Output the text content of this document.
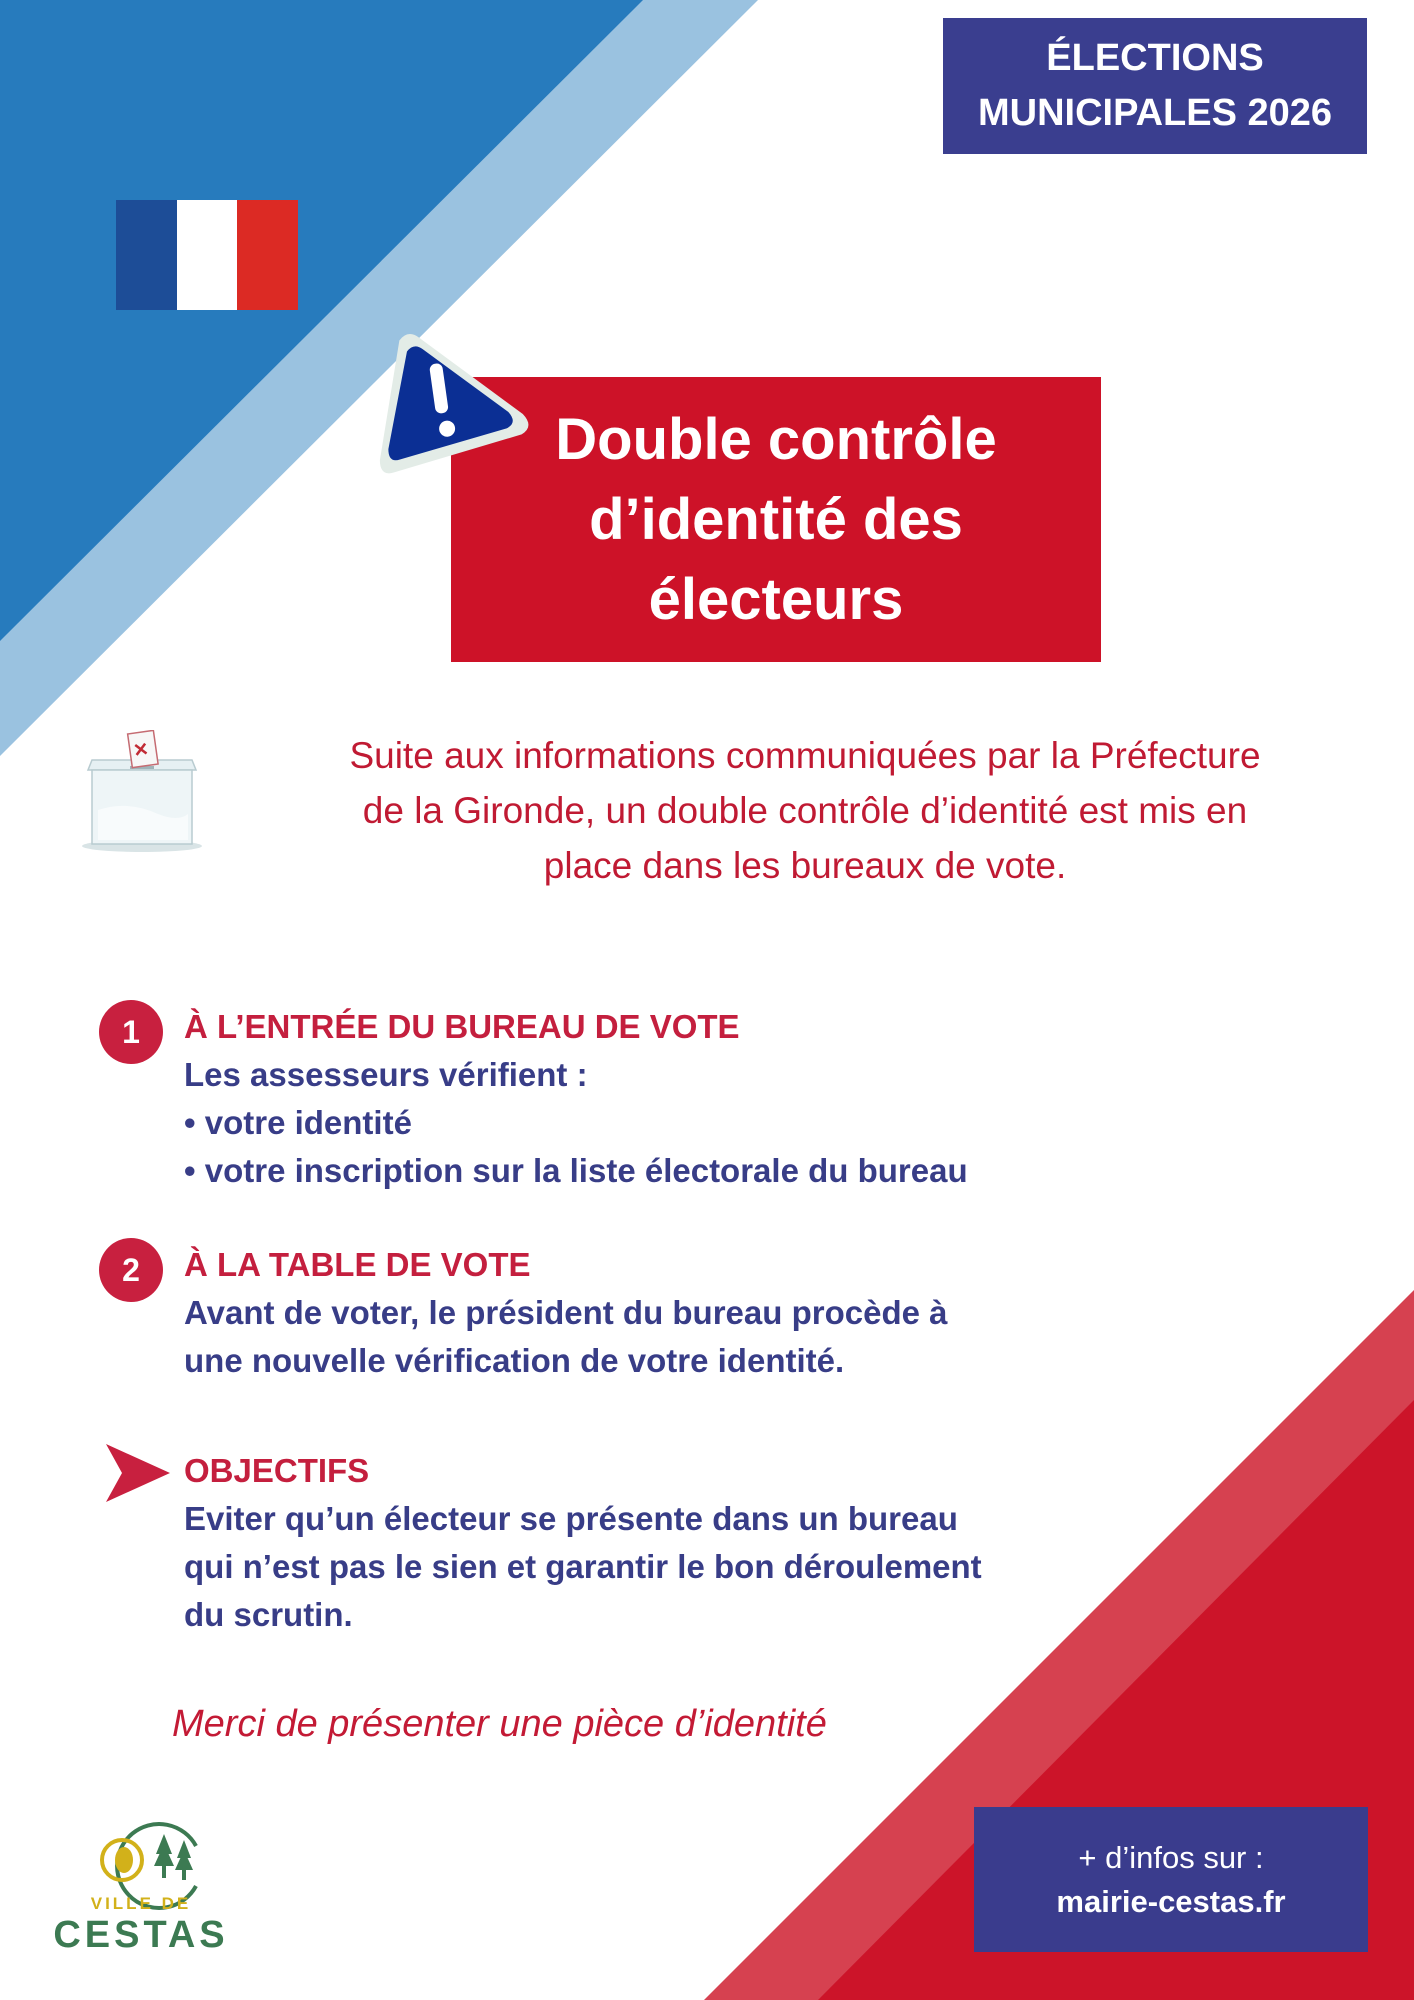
ÉLECTIONS
MUNICIPALES 2026
Double contrôle
d’identité des
électeurs
Suite aux informations communiquées par la Préfecture
de la Gironde, un double contrôle d’identité est mis en
place dans les bureaux de vote.
1	À L’ENTRÉE DU BUREAU DE VOTE
Les assesseurs vérifient :
• votre identité
• votre inscription sur la liste électorale du bureau
2	À LA TABLE DE VOTE
Avant de voter, le président du bureau procède à
une nouvelle vérification de votre identité.
OBJECTIFS
Eviter qu’un électeur se présente dans un bureau
qui n’est pas le sien et garantir le bon déroulement
du scrutin.
Merci de présenter une pièce d’identité
VILLE DE
CESTAS
+ d’infos sur :
mairie-cestas.fr
